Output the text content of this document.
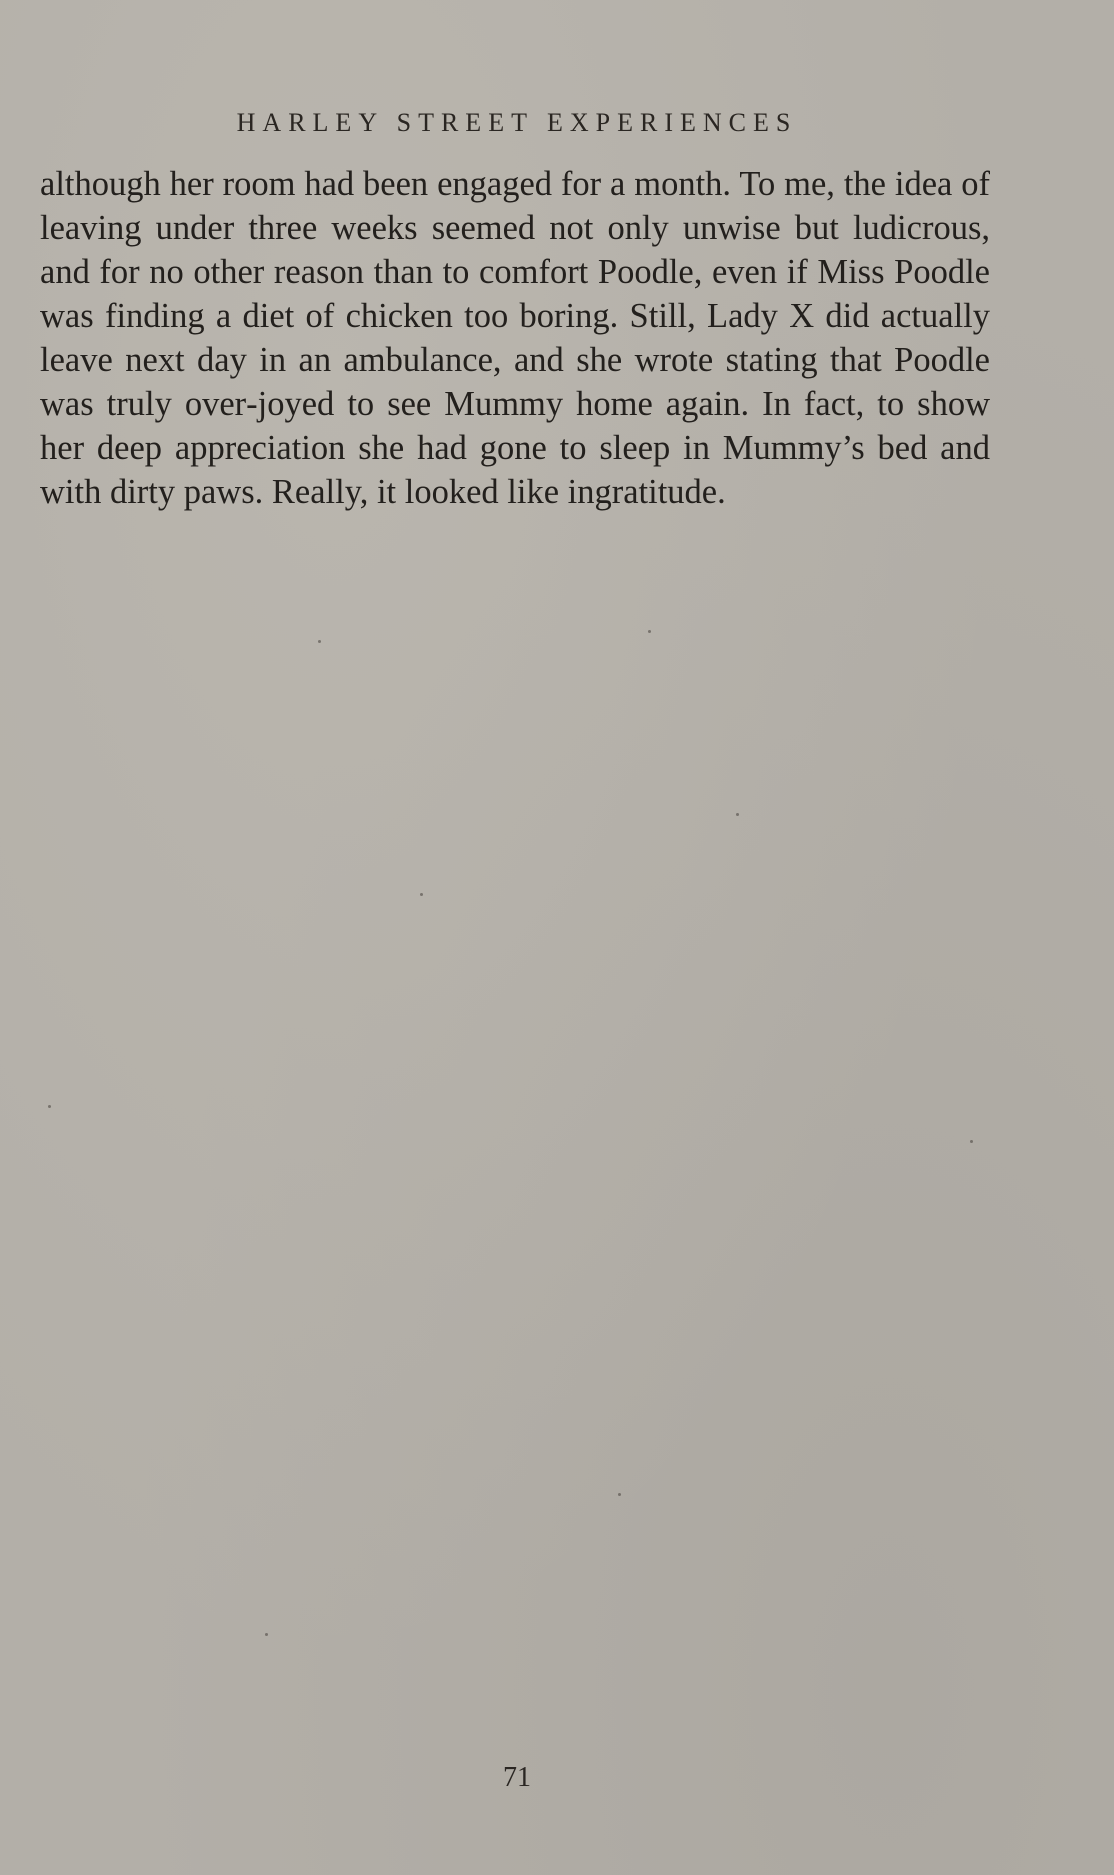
HARLEY STREET EXPERIENCES

although her room had been engaged for a month. To me, the idea of leaving under three weeks seemed not only unwise but ludicrous, and for no other reason than to comfort Poodle, even if Miss Poodle was finding a diet of chicken too boring. Still, Lady X did actually leave next day in an ambulance, and she wrote stating that Poodle was truly over‑joyed to see Mummy home again. In fact, to show her deep appreciation she had gone to sleep in Mummy’s bed and with dirty paws. Really, it looked like ingratitude.

71
